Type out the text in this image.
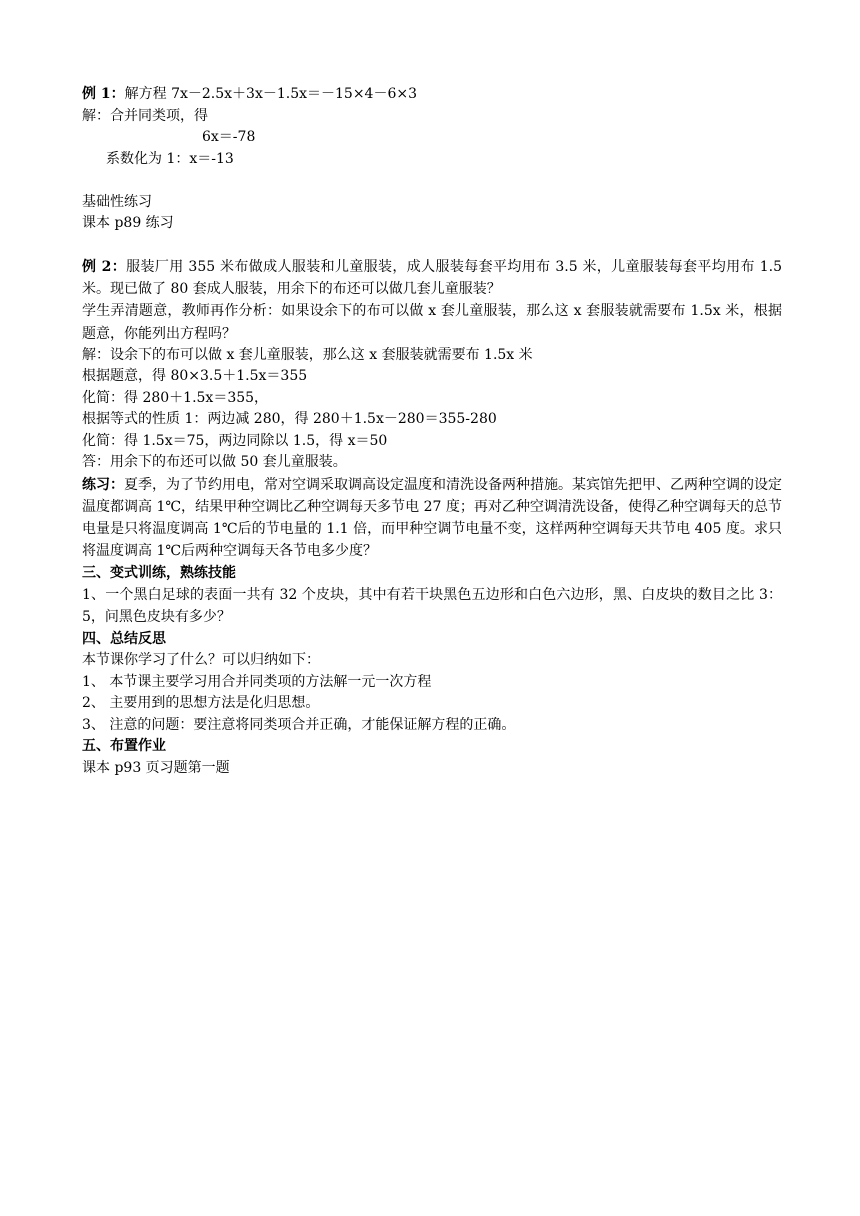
例 1：解方程 7x－2.5x＋3x－1.5x＝－15×4－6×3
解：合并同类项，得
6x＝-78
系数化为 1：x＝-13
基础性练习
课本 p89 练习
例 2：服装厂用 355 米布做成人服装和儿童服装，成人服装每套平均用布 3.5 米，儿童服装每套平均用布 1.5 米。现已做了 80 套成人服装，用余下的布还可以做几套儿童服装？
学生弄清题意，教师再作分析：如果设余下的布可以做 x 套儿童服装，那么这 x 套服装就需要布 1.5x 米，根据题意，你能列出方程吗？
解：设余下的布可以做 x 套儿童服装，那么这 x 套服装就需要布 1.5x 米
根据题意，得 80×3.5＋1.5x＝355
化简：得 280＋1.5x＝355，
根据等式的性质 1：两边减 280，得 280＋1.5x－280＝355-280
化简：得 1.5x＝75，两边同除以 1.5，得 x＝50
答：用余下的布还可以做 50 套儿童服装。
练习：夏季，为了节约用电，常对空调采取调高设定温度和清洗设备两种措施。某宾馆先把甲、乙两种空调的设定温度都调高 1℃，结果甲种空调比乙种空调每天多节电 27 度；再对乙种空调清洗设备，使得乙种空调每天的总节电量是只将温度调高 1℃后的节电量的 1.1 倍，而甲种空调节电量不变，这样两种空调每天共节电 405 度。求只将温度调高 1℃后两种空调每天各节电多少度？
三、变式训练，熟练技能
1、一个黑白足球的表面一共有 32 个皮块，其中有若干块黑色五边形和白色六边形，黑、白皮块的数目之比 3：5，问黑色皮块有多少？
四、总结反思
本节课你学习了什么？可以归纳如下：
1、 本节课主要学习用合并同类项的方法解一元一次方程
2、 主要用到的思想方法是化归思想。
3、 注意的问题：要注意将同类项合并正确，才能保证解方程的正确。
五、布置作业
课本 p93 页习题第一题
